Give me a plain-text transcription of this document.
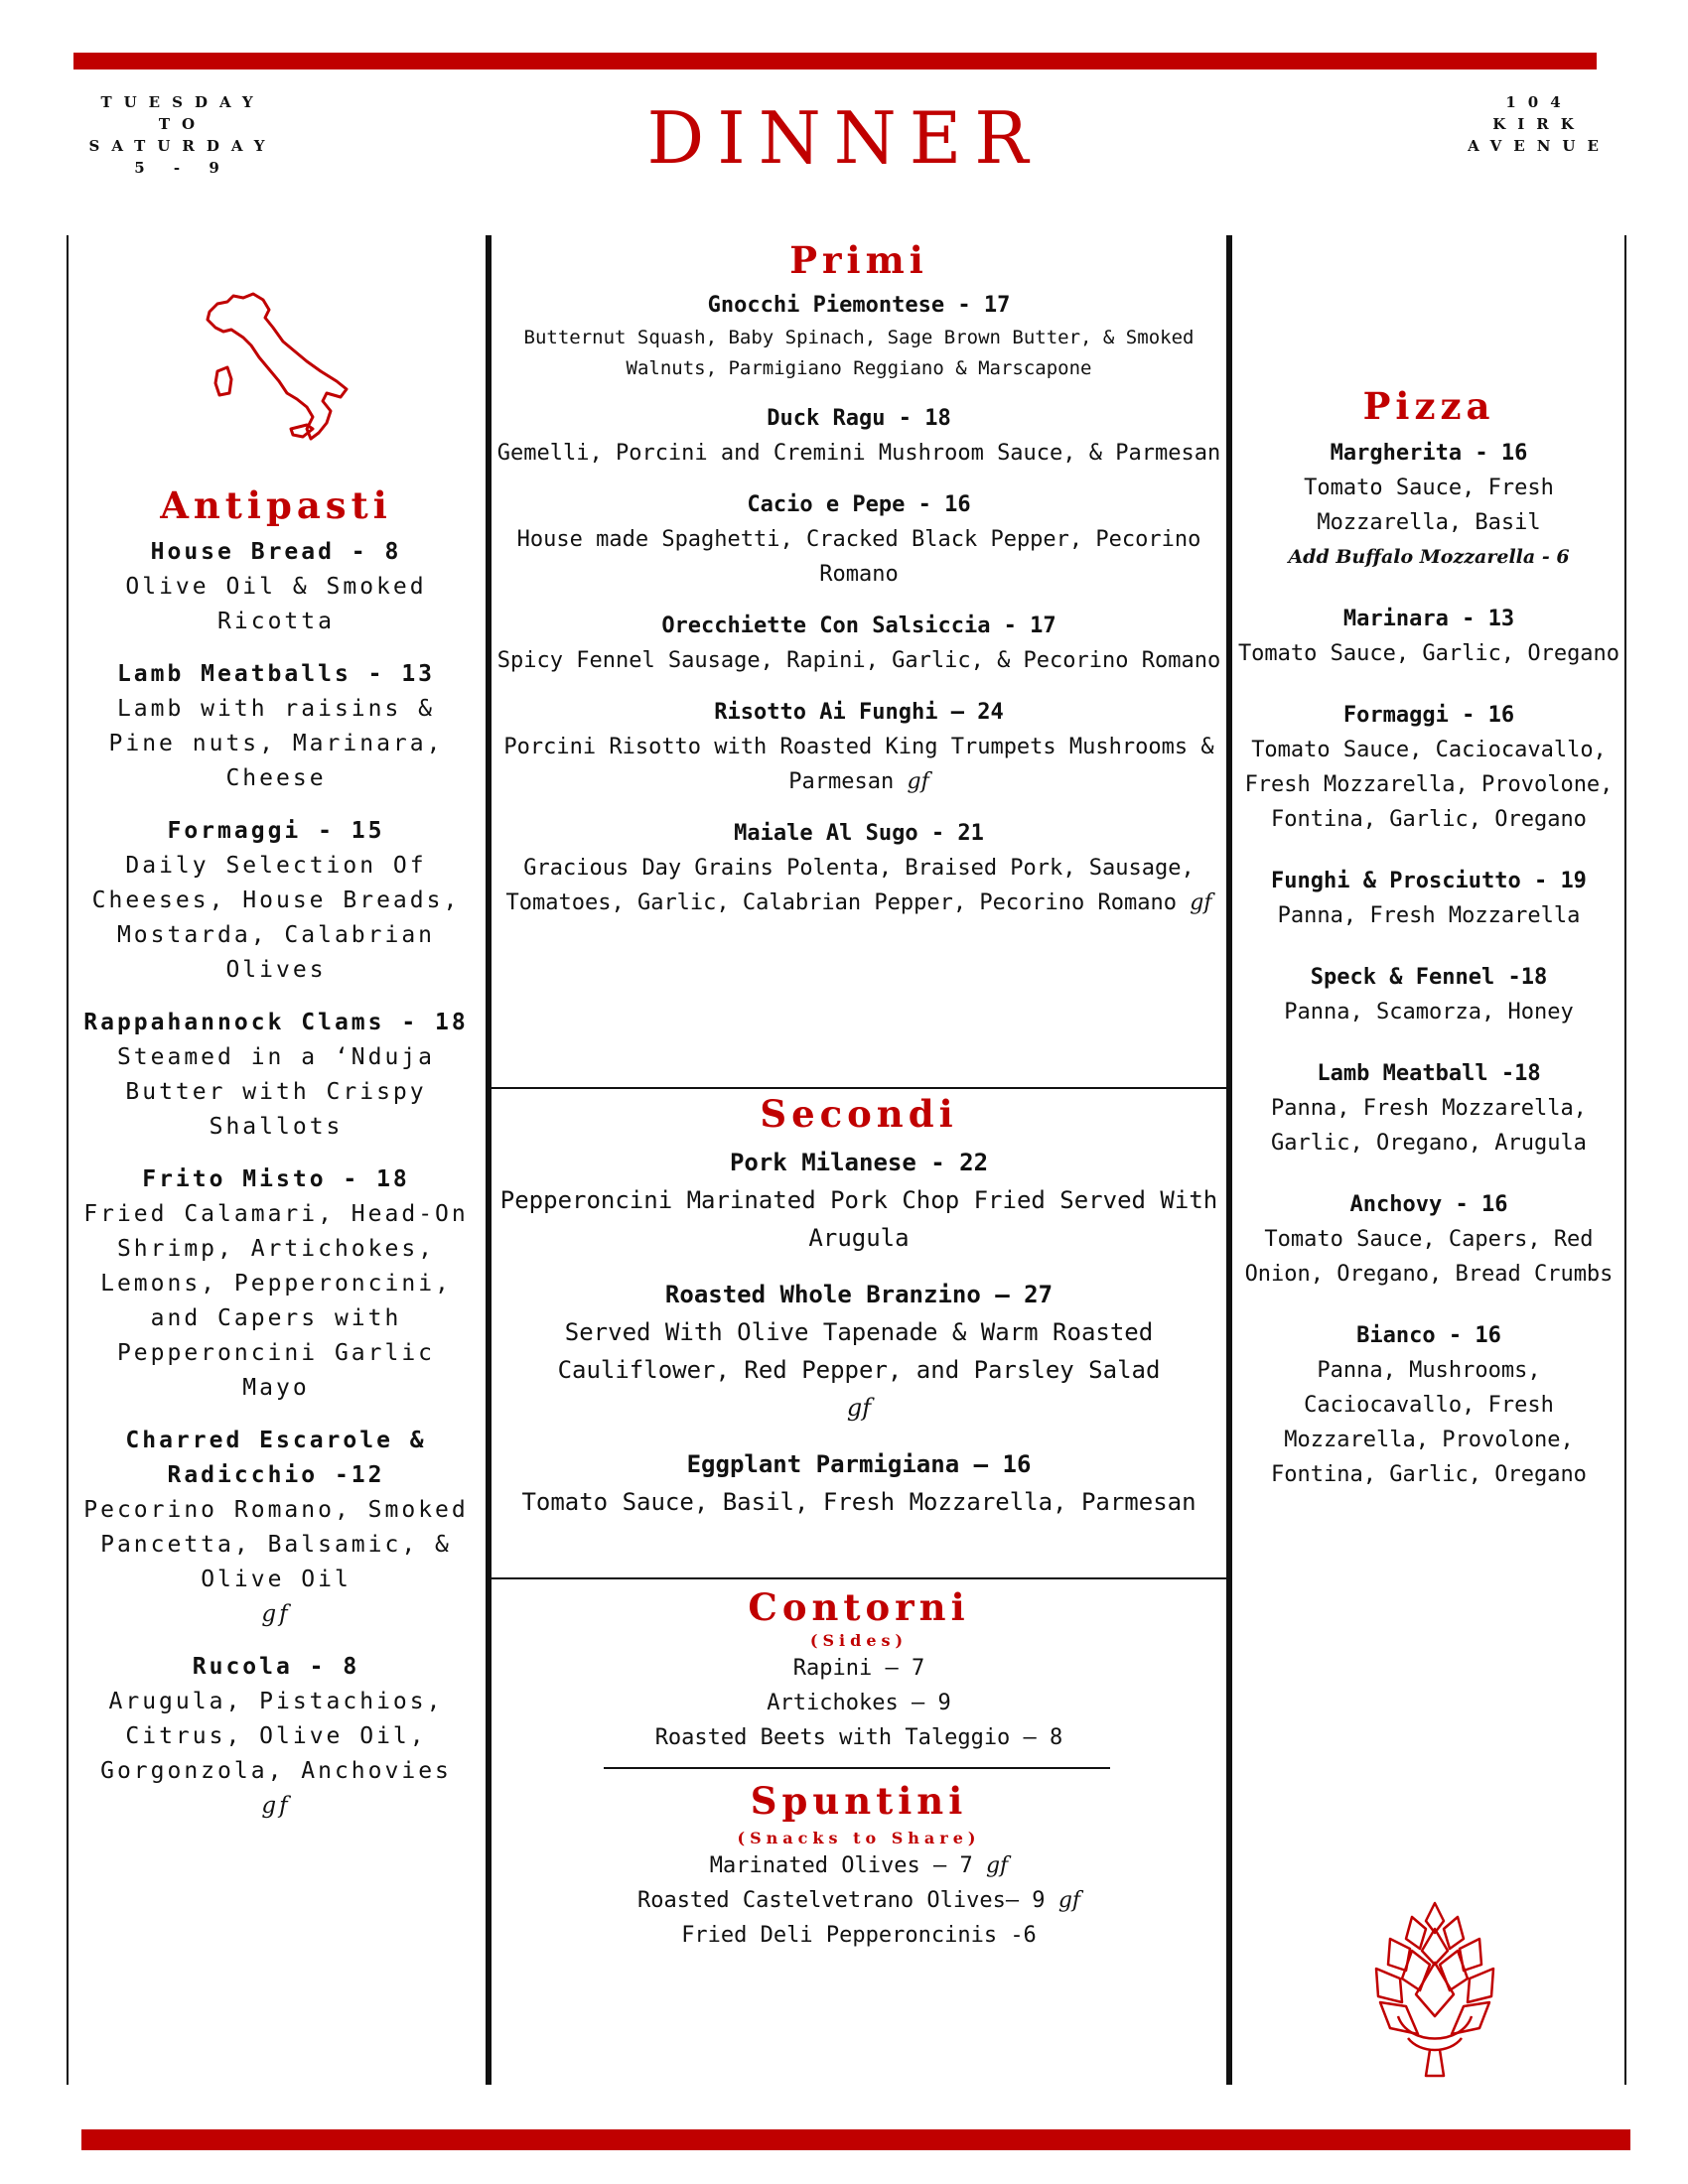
TUESDAY
TO
SATURDAY
5 - 9	DINNER	104
KIRK
AVENUE
Antipasti
House Bread - 8
Olive Oil & Smoked Ricotta
Lamb Meatballs - 13
Lamb with raisins & Pine nuts, Marinara, Cheese
Formaggi - 15
Daily Selection Of Cheeses, House Breads, Mostarda, Calabrian Olives
Rappahannock Clams - 18
Steamed in a ‘Nduja Butter with Crispy Shallots
Frito Misto - 18
Fried Calamari, Head-On Shrimp, Artichokes, Lemons, Pepperoncini, and Capers with Pepperoncini Garlic Mayo
Charred Escarole & Radicchio -12
Pecorino Romano, Smoked Pancetta, Balsamic, & Olive Oil
gf
Rucola - 8
Arugula, Pistachios, Citrus, Olive Oil, Gorgonzola, Anchovies
gf
Primi
Gnocchi Piemontese - 17
Butternut Squash, Baby Spinach, Sage Brown Butter, & Smoked Walnuts, Parmigiano Reggiano & Marscapone
Duck Ragu - 18
Gemelli, Porcini and Cremini Mushroom Sauce, & Parmesan
Cacio e Pepe - 16
House made Spaghetti, Cracked Black Pepper, Pecorino Romano
Orecchiette Con Salsiccia - 17
Spicy Fennel Sausage, Rapini, Garlic, & Pecorino Romano
Risotto Ai Funghi – 24
Porcini Risotto with Roasted King Trumpets Mushrooms & Parmesan gf
Maiale Al Sugo - 21
Gracious Day Grains Polenta, Braised Pork, Sausage, Tomatoes, Garlic, Calabrian Pepper, Pecorino Romano gf
Secondi
Pork Milanese - 22
Pepperoncini Marinated Pork Chop Fried Served With Arugula
Roasted Whole Branzino – 27
Served With Olive Tapenade & Warm Roasted Cauliflower, Red Pepper, and Parsley Salad
gf
Eggplant Parmigiana – 16
Tomato Sauce, Basil, Fresh Mozzarella, Parmesan
Contorni
(Sides)
Rapini – 7
Artichokes – 9
Roasted Beets with Taleggio – 8
Spuntini
(Snacks to Share)
Marinated Olives – 7 gf
Roasted Castelvetrano Olives– 9 gf
Fried Deli Pepperoncinis -6
Pizza
Margherita - 16
Tomato Sauce, Fresh Mozzarella, Basil
Add Buffalo Mozzarella - 6
Marinara - 13
Tomato Sauce, Garlic, Oregano
Formaggi - 16
Tomato Sauce, Caciocavallo, Fresh Mozzarella, Provolone, Fontina, Garlic, Oregano
Funghi & Prosciutto - 19
Panna, Fresh Mozzarella
Speck & Fennel -18
Panna, Scamorza, Honey
Lamb Meatball -18
Panna, Fresh Mozzarella, Garlic, Oregano, Arugula
Anchovy - 16
Tomato Sauce, Capers, Red Onion, Oregano, Bread Crumbs
Bianco - 16
Panna, Mushrooms, Caciocavallo, Fresh Mozzarella, Provolone, Fontina, Garlic, Oregano
